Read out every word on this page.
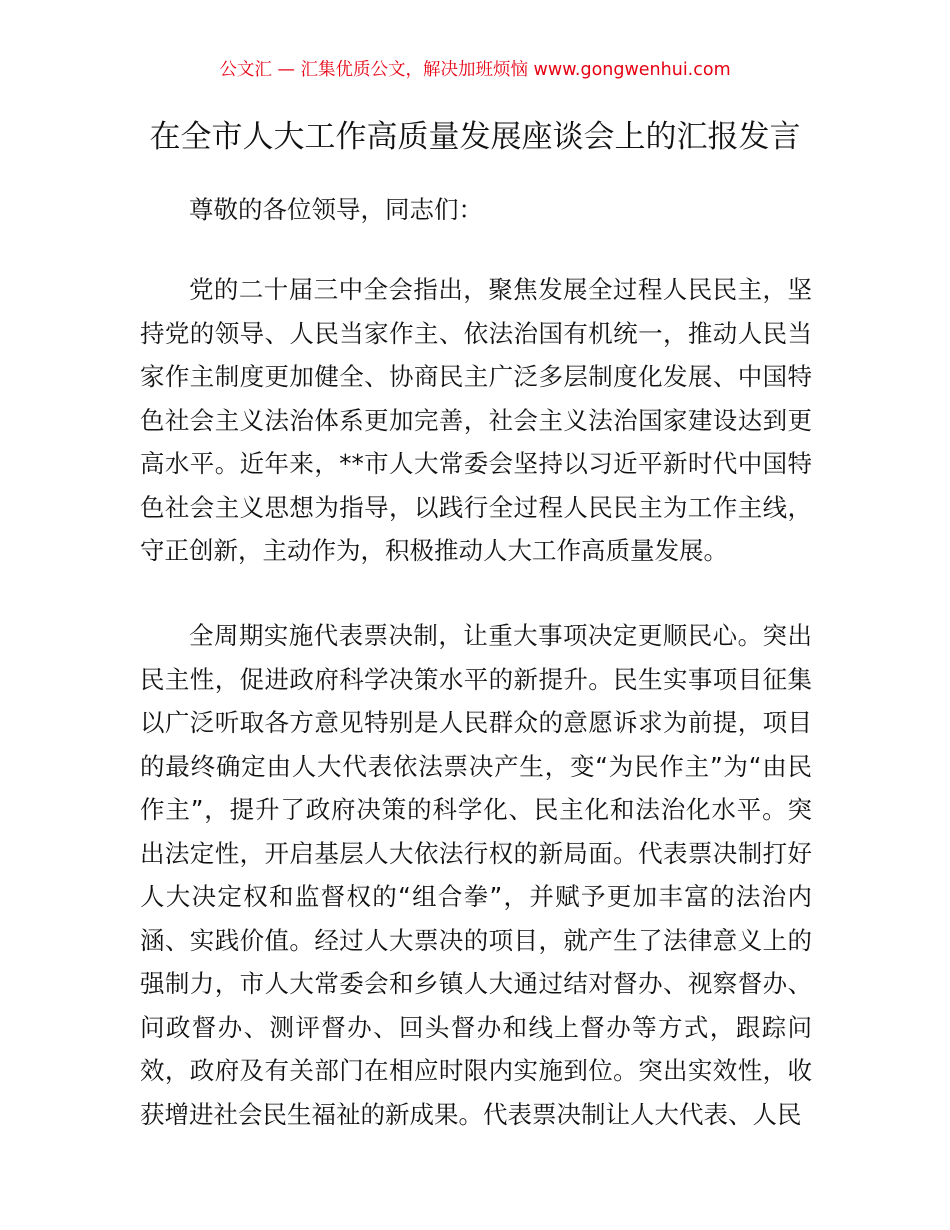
公文汇 — 汇集优质公文，解决加班烦恼 www.gongwenhui.com
在全市人大工作高质量发展座谈会上的汇报发言
尊敬的各位领导，同志们：
党的二十届三中全会指出，聚焦发展全过程人民民主，坚持党的领导、人民当家作主、依法治国有机统一，推动人民当家作主制度更加健全、协商民主广泛多层制度化发展、中国特色社会主义法治体系更加完善，社会主义法治国家建设达到更高水平。近年来，**市人大常委会坚持以习近平新时代中国特色社会主义思想为指导，以践行全过程人民民主为工作主线，守正创新，主动作为，积极推动人大工作高质量发展。
全周期实施代表票决制，让重大事项决定更顺民心。突出民主性，促进政府科学决策水平的新提升。民生实事项目征集以广泛听取各方意见特别是人民群众的意愿诉求为前提，项目的最终确定由人大代表依法票决产生，变“为民作主”为“由民作主”，提升了政府决策的科学化、民主化和法治化水平。突出法定性，开启基层人大依法行权的新局面。代表票决制打好人大决定权和监督权的“组合拳”，并赋予更加丰富的法治内涵、实践价值。经过人大票决的项目，就产生了法律意义上的强制力，市人大常委会和乡镇人大通过结对督办、视察督办、问政督办、测评督办、回头督办和线上督办等方式，跟踪问效，政府及有关部门在相应时限内实施到位。突出实效性，收获增进社会民生福祉的新成果。代表票决制让人大代表、人民
